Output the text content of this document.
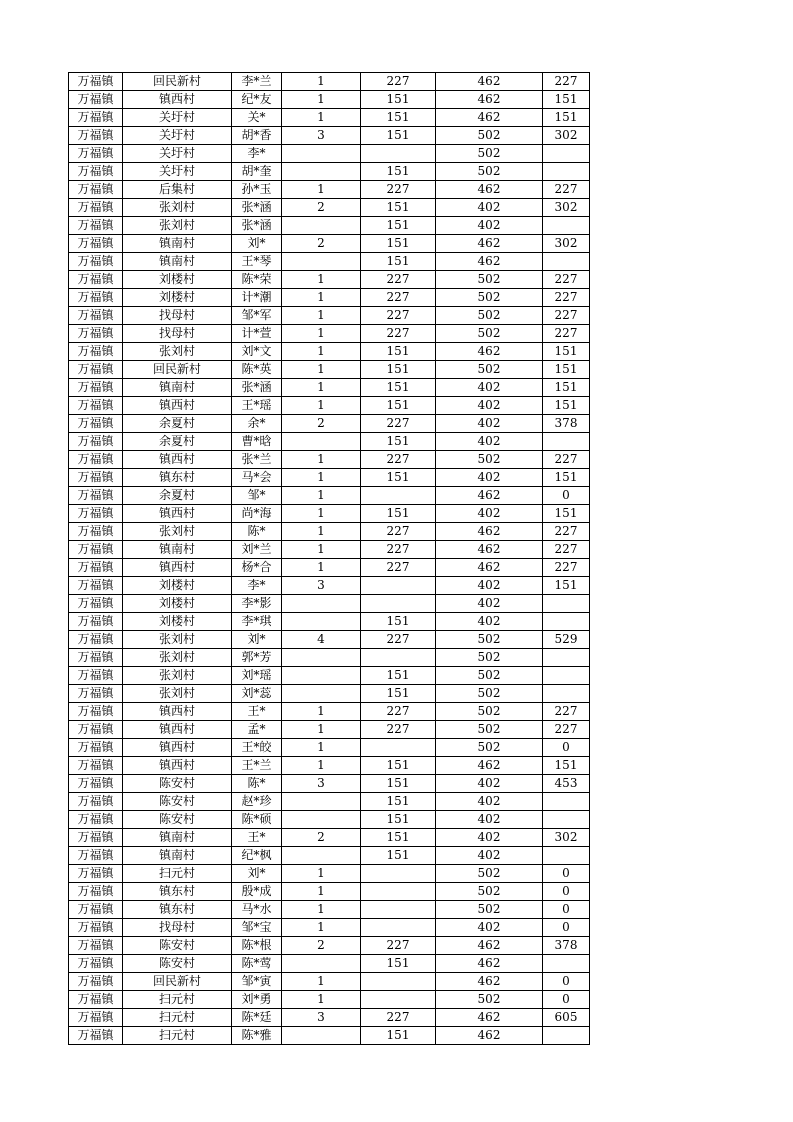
万福镇	回民新村	李*兰	1	227	462	227
万福镇	镇西村	纪*友	1	151	462	151
万福镇	关圩村	关*	1	151	462	151
万福镇	关圩村	胡*香	3	151	502	302
万福镇	关圩村	李*			502	
万福镇	关圩村	胡*奎		151	502	
万福镇	后集村	孙*玉	1	227	462	227
万福镇	张刘村	张*涵	2	151	402	302
万福镇	张刘村	张*涵		151	402	
万福镇	镇南村	刘*	2	151	462	302
万福镇	镇南村	王*琴		151	462	
万福镇	刘楼村	陈*荣	1	227	502	227
万福镇	刘楼村	计*潮	1	227	502	227
万福镇	找母村	邹*军	1	227	502	227
万福镇	找母村	计*萱	1	227	502	227
万福镇	张刘村	刘*文	1	151	462	151
万福镇	回民新村	陈*英	1	151	502	151
万福镇	镇南村	张*涵	1	151	402	151
万福镇	镇西村	王*瑶	1	151	402	151
万福镇	余夏村	余*	2	227	402	378
万福镇	余夏村	曹*晗		151	402	
万福镇	镇西村	张*兰	1	227	502	227
万福镇	镇东村	马*会	1	151	402	151
万福镇	余夏村	邹*	1		462	0
万福镇	镇西村	尚*海	1	151	402	151
万福镇	张刘村	陈*	1	227	462	227
万福镇	镇南村	刘*兰	1	227	462	227
万福镇	镇西村	杨*合	1	227	462	227
万福镇	刘楼村	李*	3		402	151
万福镇	刘楼村	李*影			402	
万福镇	刘楼村	李*琪		151	402	
万福镇	张刘村	刘*	4	227	502	529
万福镇	张刘村	郭*芳			502	
万福镇	张刘村	刘*瑶		151	502	
万福镇	张刘村	刘*蕊		151	502	
万福镇	镇西村	王*	1	227	502	227
万福镇	镇西村	孟*	1	227	502	227
万福镇	镇西村	王*皎	1		502	0
万福镇	镇西村	王*兰	1	151	462	151
万福镇	陈安村	陈*	3	151	402	453
万福镇	陈安村	赵*珍		151	402	
万福镇	陈安村	陈*硕		151	402	
万福镇	镇南村	王*	2	151	402	302
万福镇	镇南村	纪*枫		151	402	
万福镇	扫元村	刘*	1		502	0
万福镇	镇东村	殷*成	1		502	0
万福镇	镇东村	马*水	1		502	0
万福镇	找母村	邹*宝	1		402	0
万福镇	陈安村	陈*根	2	227	462	378
万福镇	陈安村	陈*莺		151	462	
万福镇	回民新村	邹*寅	1		462	0
万福镇	扫元村	刘*勇	1		502	0
万福镇	扫元村	陈*廷	3	227	462	605
万福镇	扫元村	陈*雅		151	462	
